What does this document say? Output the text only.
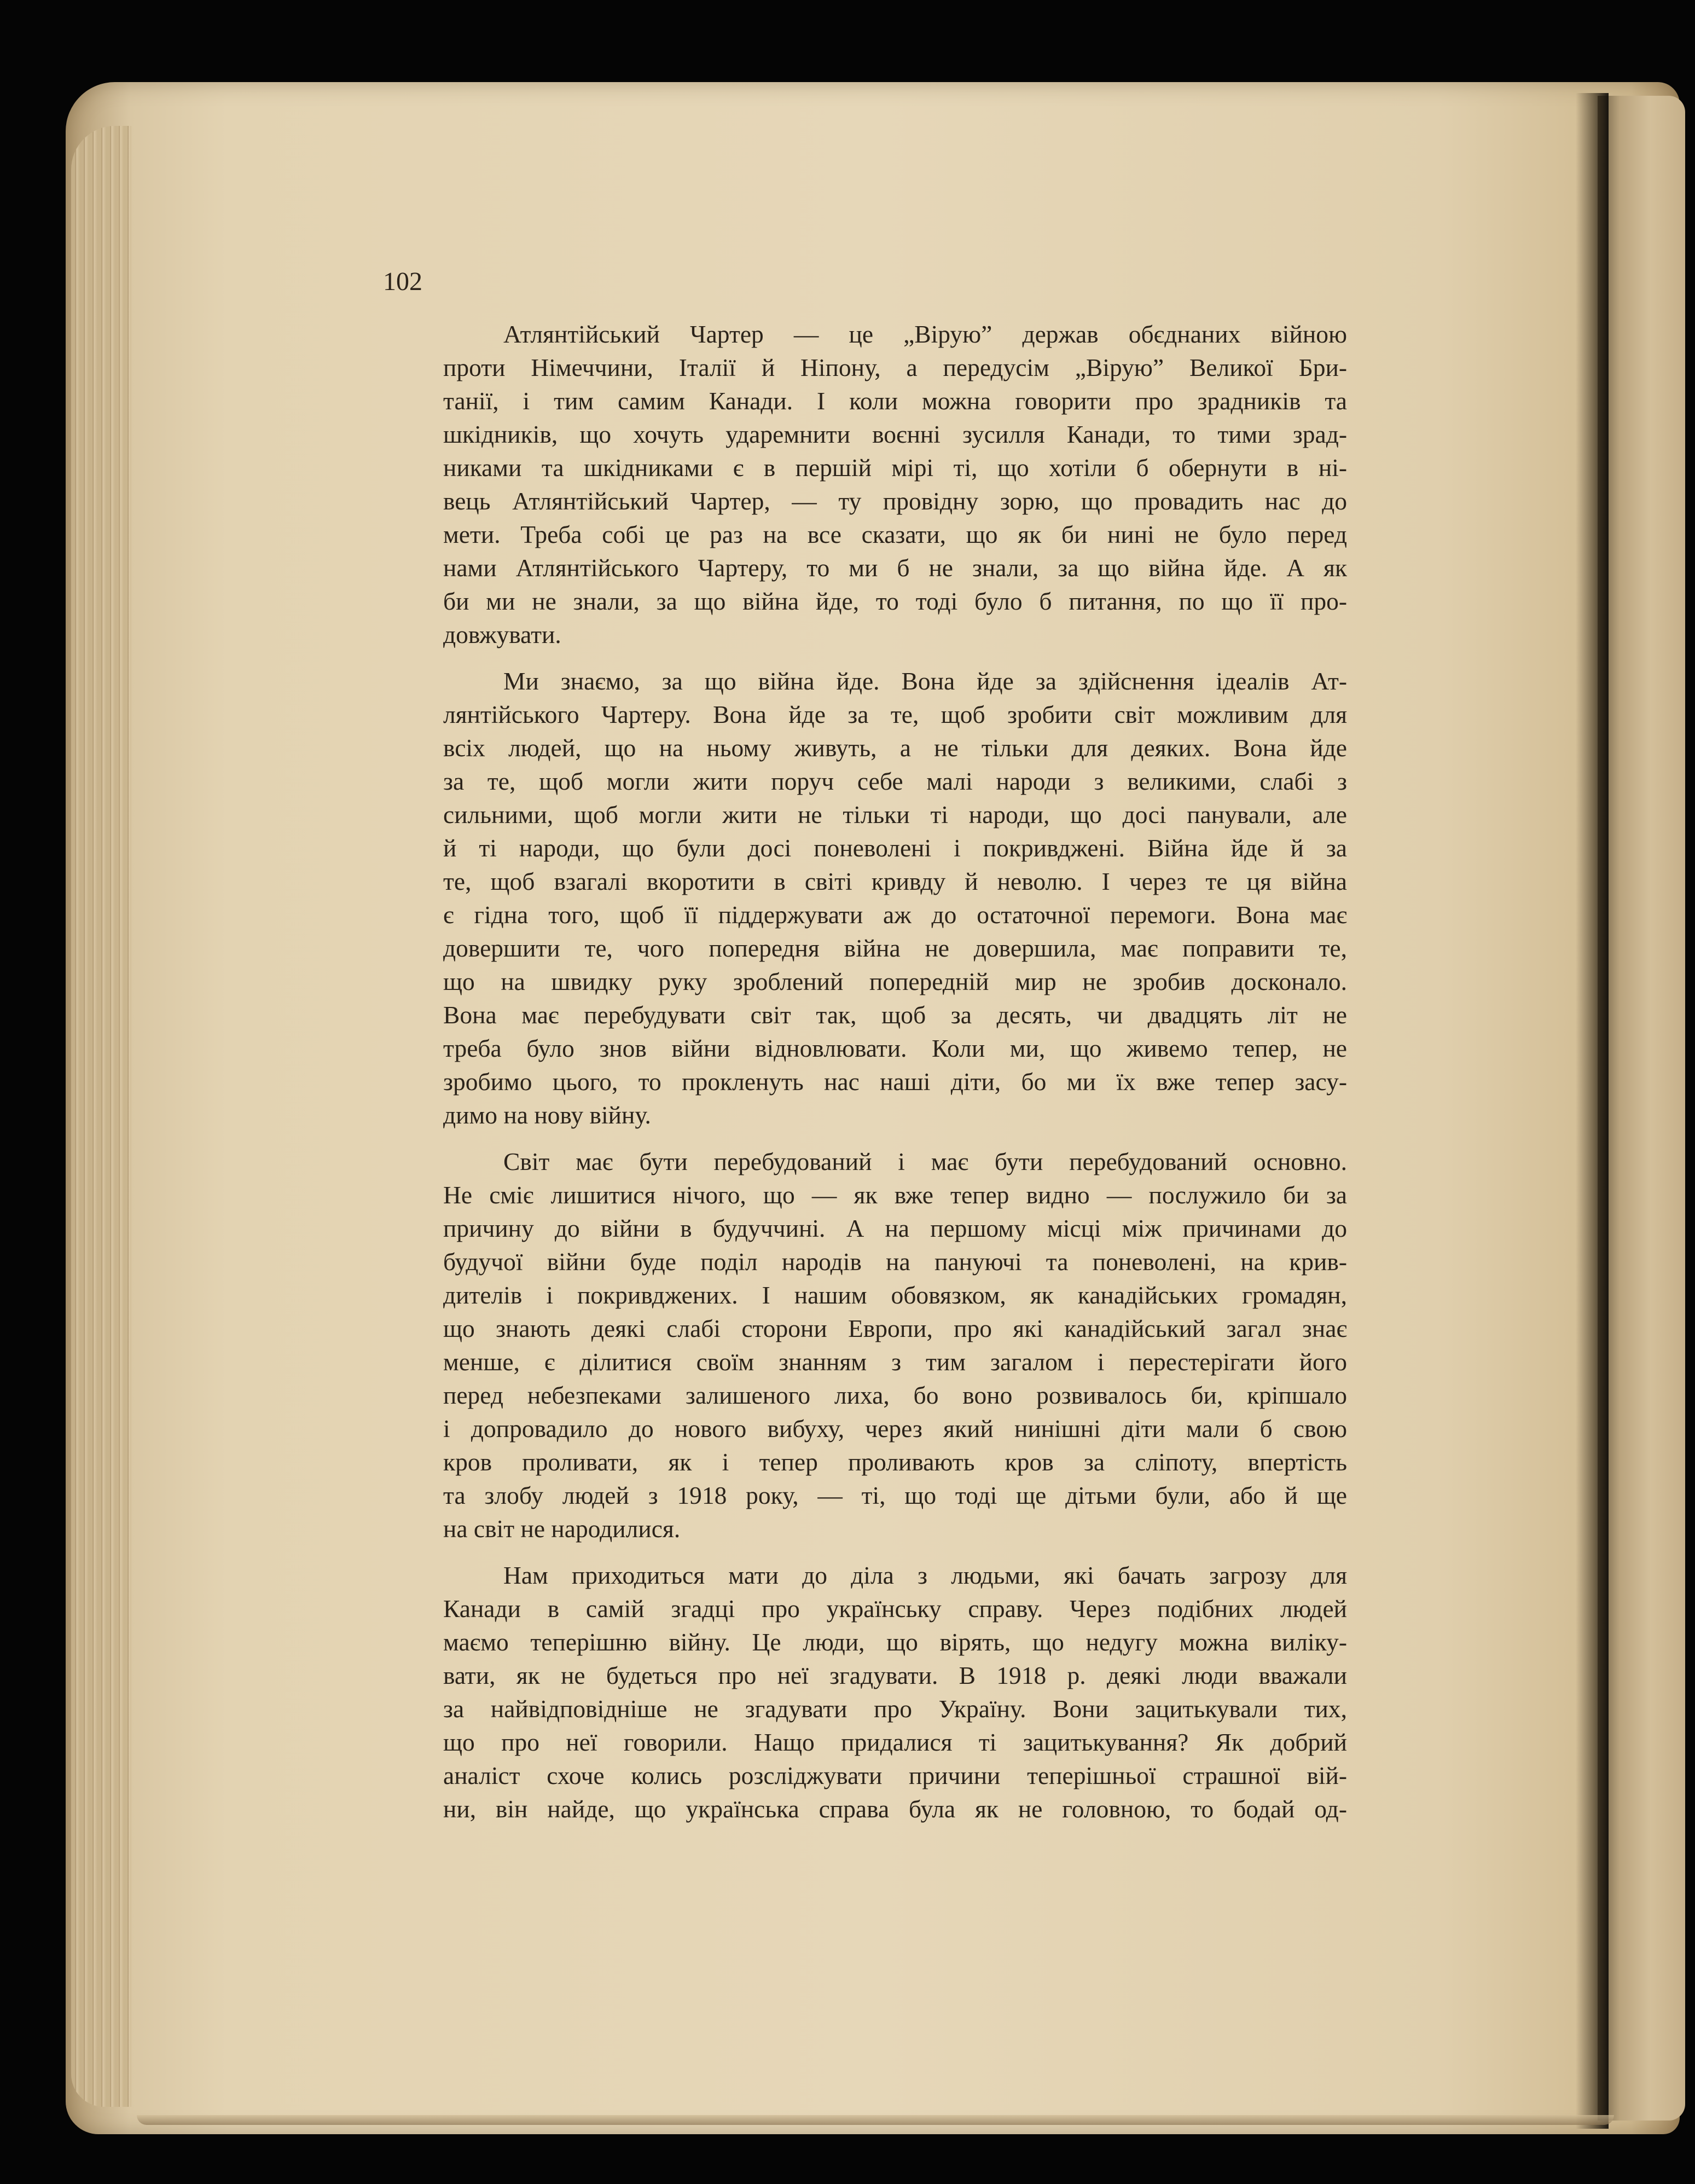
102
Атлянтійський Чартер — це „Вірую” держав обєднаних війною
проти Німеччини, Італії й Ніпону, а передусім „Вірую” Великої Бри-
танії, і тим самим Канади. І коли можна говорити про зрадників та
шкідників, що хочуть ударемнити воєнні зусилля Канади, то тими зрад-
никами та шкідниками є в першій мірі ті, що хотіли б обернути в ні-
вець Атлянтійський Чартер, — ту провідну зорю, що провадить нас до
мети. Треба собі це раз на все сказати, що як би нині не було перед
нами Атлянтійського Чартеру, то ми б не знали, за що війна йде. А як
би ми не знали, за що війна йде, то тоді було б питання, по що її про-
довжувати.
Ми знаємо, за що війна йде. Вона йде за здійснення ідеалів Ат-
лянтійського Чартеру. Вона йде за те, щоб зробити світ можливим для
всіх людей, що на ньому живуть, а не тільки для деяких. Вона йде
за те, щоб могли жити поруч себе малі народи з великими, слабі з
сильними, щоб могли жити не тільки ті народи, що досі панували, але
й ті народи, що були досі поневолені і покривджені. Війна йде й за
те, щоб взагалі вкоротити в світі кривду й неволю. І через те ця війна
є гідна того, щоб її піддержувати аж до остаточної перемоги. Вона має
довершити те, чого попередня війна не довершила, має поправити те,
що на швидку руку зроблений попередній мир не зробив досконало.
Вона має перебудувати світ так, щоб за десять, чи двадцять літ не
треба було знов війни відновлювати. Коли ми, що живемо тепер, не
зробимо цього, то прокленуть нас наші діти, бо ми їх вже тепер засу-
димо на нову війну.
Світ має бути перебудований і має бути перебудований основно.
Не сміє лишитися нічого, що — як вже тепер видно — послужило би за
причину до війни в будуччині. А на першому місці між причинами до
будучої війни буде поділ народів на пануючі та поневолені, на крив-
дителів і покривджених. І нашим обовязком, як канадійських громадян,
що знають деякі слабі сторони Европи, про які канадійський загал знає
менше, є ділитися своїм знанням з тим загалом і перестерігати його
перед небезпеками залишеного лиха, бо воно розвивалось би, кріпшало
і допровадило до нового вибуху, через який нинішні діти мали б свою
кров проливати, як і тепер проливають кров за сліпоту, впертість
та злобу людей з 1918 року, — ті, що тоді ще дітьми були, або й ще
на світ не народилися.
Нам приходиться мати до діла з людьми, які бачать загрозу для
Канади в самій згадці про українську справу. Через подібних людей
маємо теперішню війну. Це люди, що вірять, що недугу можна виліку-
вати, як не будеться про неї згадувати. В 1918 р. деякі люди вважали
за найвідповідніше не згадувати про Україну. Вони зацитькували тих,
що про неї говорили. Нащо придалися ті зацитькування? Як добрий
аналіст схоче колись розсліджувати причини теперішньої страшної вій-
ни, він найде, що українська справа була як не головною, то бодай од-
